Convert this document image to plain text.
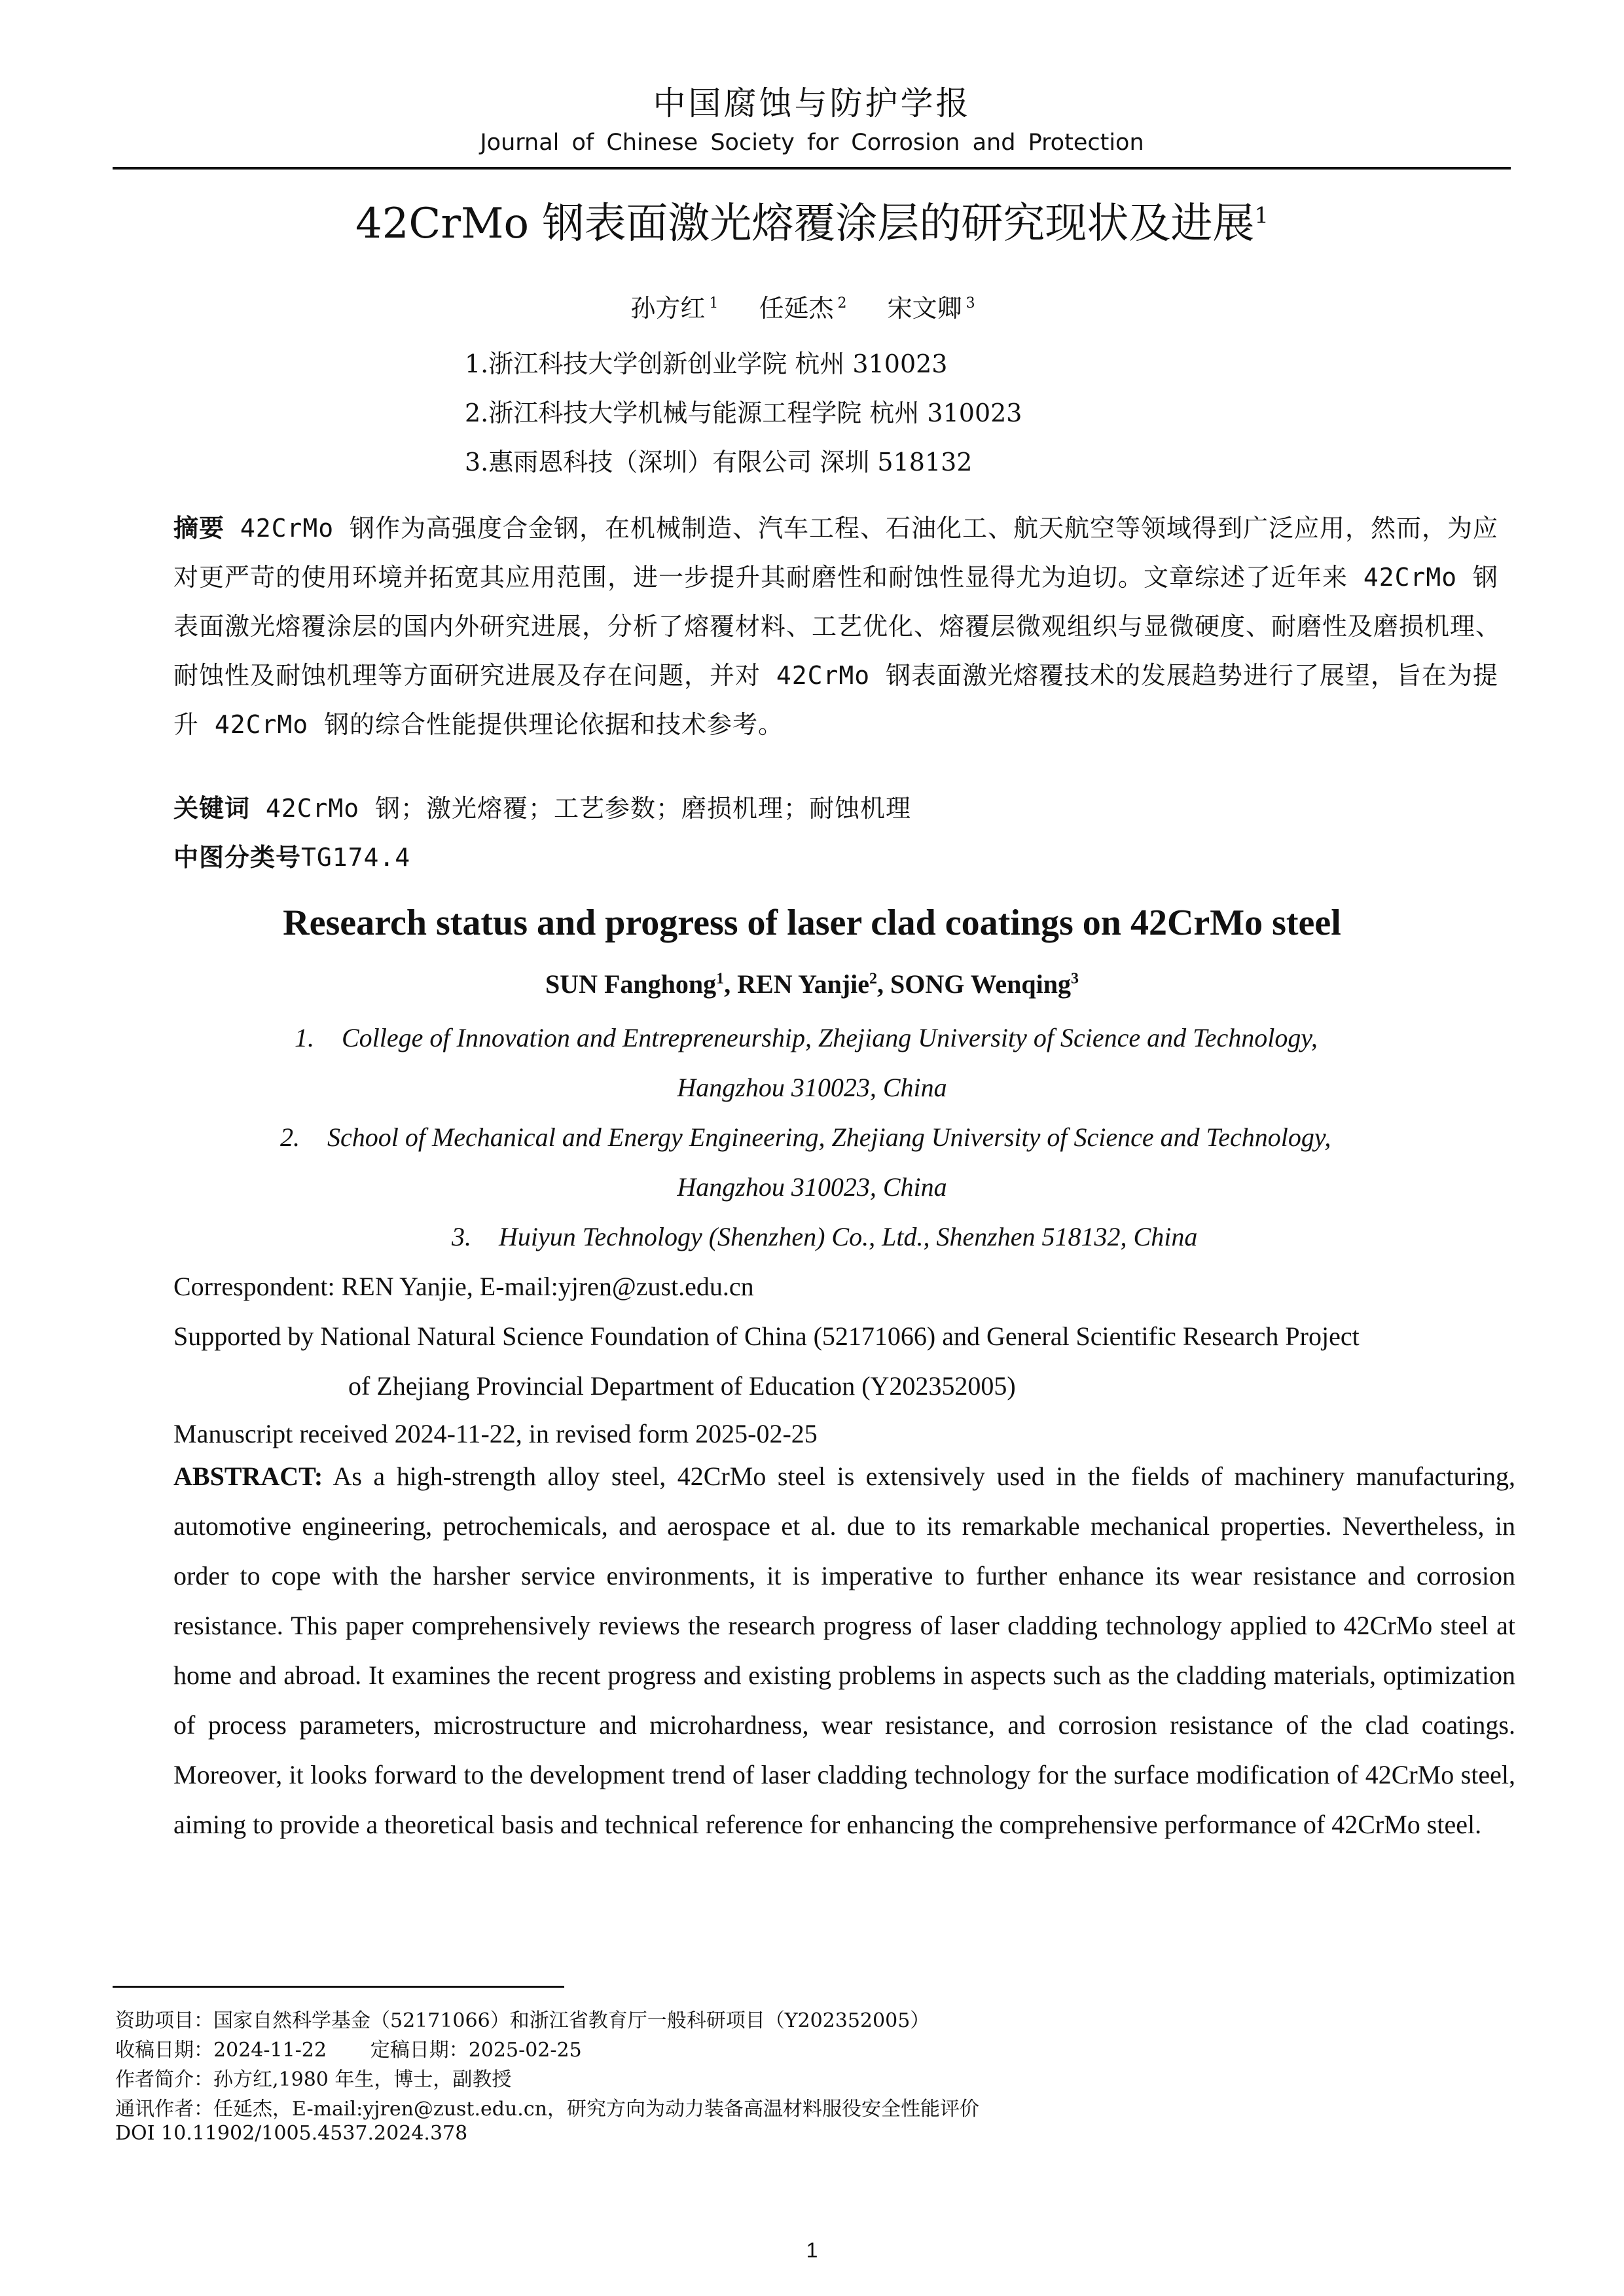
中国腐蚀与防护学报
Journal of Chinese Society for Corrosion and Protection
42CrMo 钢表面激光熔覆涂层的研究现状及进展$^1$
孙方红 $^1$ 任延杰 $^2$ 宋文卿 $^3$
1.浙江科技大学创新创业学院 杭州 310023
2.浙江科技大学机械与能源工程学院 杭州 310023
3.惠雨恩科技（深圳）有限公司 深圳 518132
摘要 42CrMo 钢作为高强度合金钢，在机械制造、汽车工程、石油化工、航天航空等领域得到广泛应用，然而，为应对更严苛的使用环境并拓宽其应用范围，进一步提升其耐磨性和耐蚀性显得尤为迫切。文章综述了近年来 42CrMo 钢表面激光熔覆涂层的国内外研究进展，分析了熔覆材料、工艺优化、熔覆层微观组织与显微硬度、耐磨性及磨损机理、耐蚀性及耐蚀机理等方面研究进展及存在问题，并对 42CrMo 钢表面激光熔覆技术的发展趋势进行了展望，旨在为提升 42CrMo 钢的综合性能提供理论依据和技术参考。
关键词 42CrMo 钢；激光熔覆；工艺参数；磨损机理；耐蚀机理
中图分类号TG174.4
Research status and progress of laser clad coatings on 42CrMo steel
SUN Fanghong$^1$, REN Yanjie$^2$, SONG Wenqing$^3$
1. College of Innovation and Entrepreneurship, Zhejiang University of Science and Technology,
Hangzhou 310023, China
2. School of Mechanical and Energy Engineering, Zhejiang University of Science and Technology,
Hangzhou 310023, China
3. Huiyun Technology (Shenzhen) Co., Ltd., Shenzhen 518132, China
Correspondent: REN Yanjie, E-mail:yjren@zust.edu.cn
Supported by National Natural Science Foundation of China (52171066) and General Scientific Research Project
of Zhejiang Provincial Department of Education (Y202352005)
Manuscript received 2024-11-22, in revised form 2025-02-25
ABSTRACT: As a high-strength alloy steel, 42CrMo steel is extensively used in the fields of machinery manufacturing, automotive engineering, petrochemicals, and aerospace et al. due to its remarkable mechanical properties. Nevertheless, in order to cope with the harsher service environments, it is imperative to further enhance its wear resistance and corrosion resistance. This paper comprehensively reviews the research progress of laser cladding technology applied to 42CrMo steel at home and abroad. It examines the recent progress and existing problems in aspects such as the cladding materials, optimization of process parameters, microstructure and microhardness, wear resistance, and corrosion resistance of the clad coatings. Moreover, it looks forward to the development trend of laser cladding technology for the surface modification of 42CrMo steel, aiming to provide a theoretical basis and technical reference for enhancing the comprehensive performance of 42CrMo steel.
资助项目：国家自然科学基金（52171066）和浙江省教育厅一般科研项目（Y202352005）
收稿日期：2024-11-22       定稿日期：2025-02-25
作者简介：孙方红,1980 年生，博士，副教授
通讯作者：任延杰，E-mail:yjren@zust.edu.cn，研究方向为动力装备高温材料服役安全性能评价
DOI 10.11902/1005.4537.2024.378
1
